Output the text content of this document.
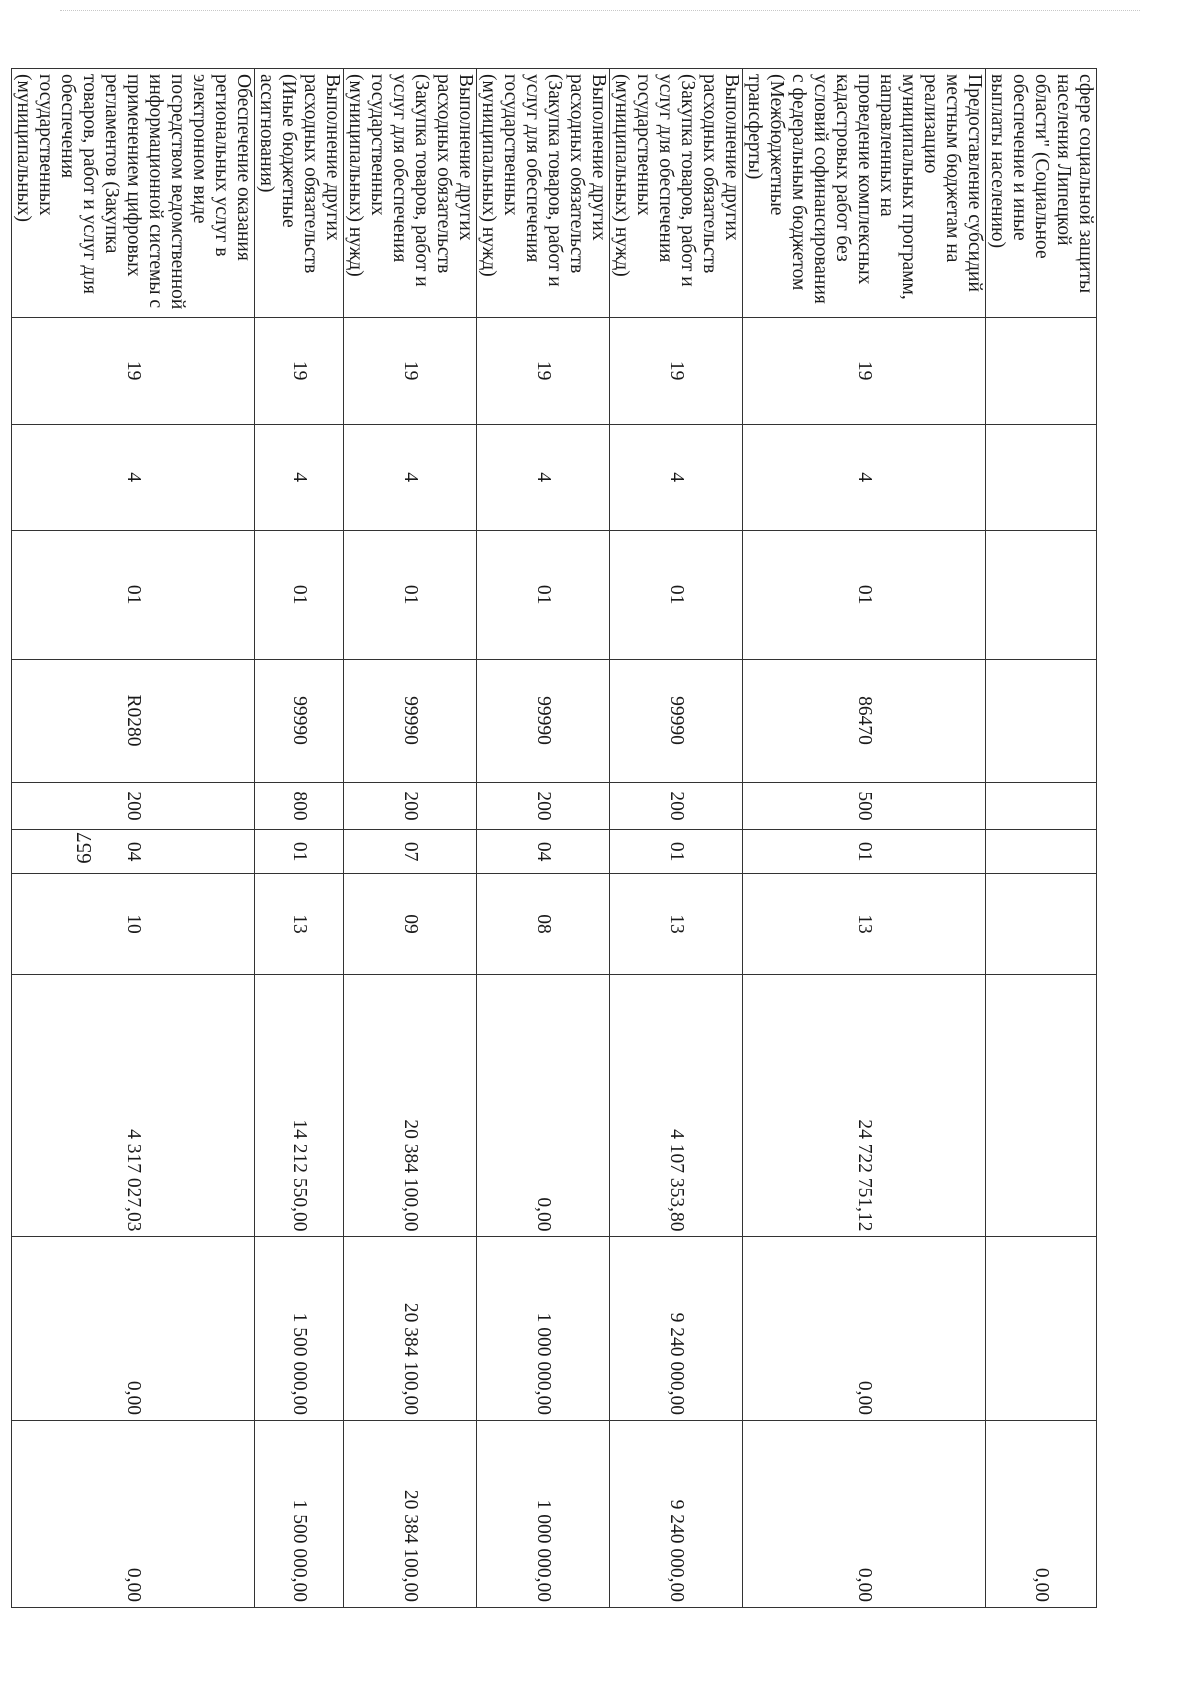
657
сфере социальной защиты населения Липецкой области" (Социальное обеспечение и иные выплаты населению)										0,00
Предоставление субсидий местным бюджетам на реализацию муниципальных программ, направленных на проведение комплексных кадастровых работ без условий софинансирования с федеральным бюджетом (Межбюджетные трансферты)	19	4	01	86470	500	01	13	24 722 751,12	0,00	0,00
Выполнение других расходных обязательств (Закупка товаров, работ и услуг для обеспечения государственных (муниципальных) нужд)	19	4	01	99990	200	01	13	4 107 353,80	9 240 000,00	9 240 000,00
Выполнение других расходных обязательств (Закупка товаров, работ и услуг для обеспечения государственных (муниципальных) нужд)	19	4	01	99990	200	04	08	0,00	1 000 000,00	1 000 000,00
Выполнение других расходных обязательств (Закупка товаров, работ и услуг для обеспечения государственных (муниципальных) нужд)	19	4	01	99990	200	07	09	20 384 100,00	20 384 100,00	20 384 100,00
Выполнение других расходных обязательств (Иные бюджетные ассигнования)	19	4	01	99990	800	01	13	14 212 550,00	1 500 000,00	1 500 000,00
Обеспечение оказания региональных услуг в электронном виде посредством ведомственной информационной системы с применением цифровых регламентов (Закупка товаров, работ и услуг для обеспечения государственных (муниципальных)	19	4	01	R0280	200	04	10	4 317 027,03	0,00	0,00
